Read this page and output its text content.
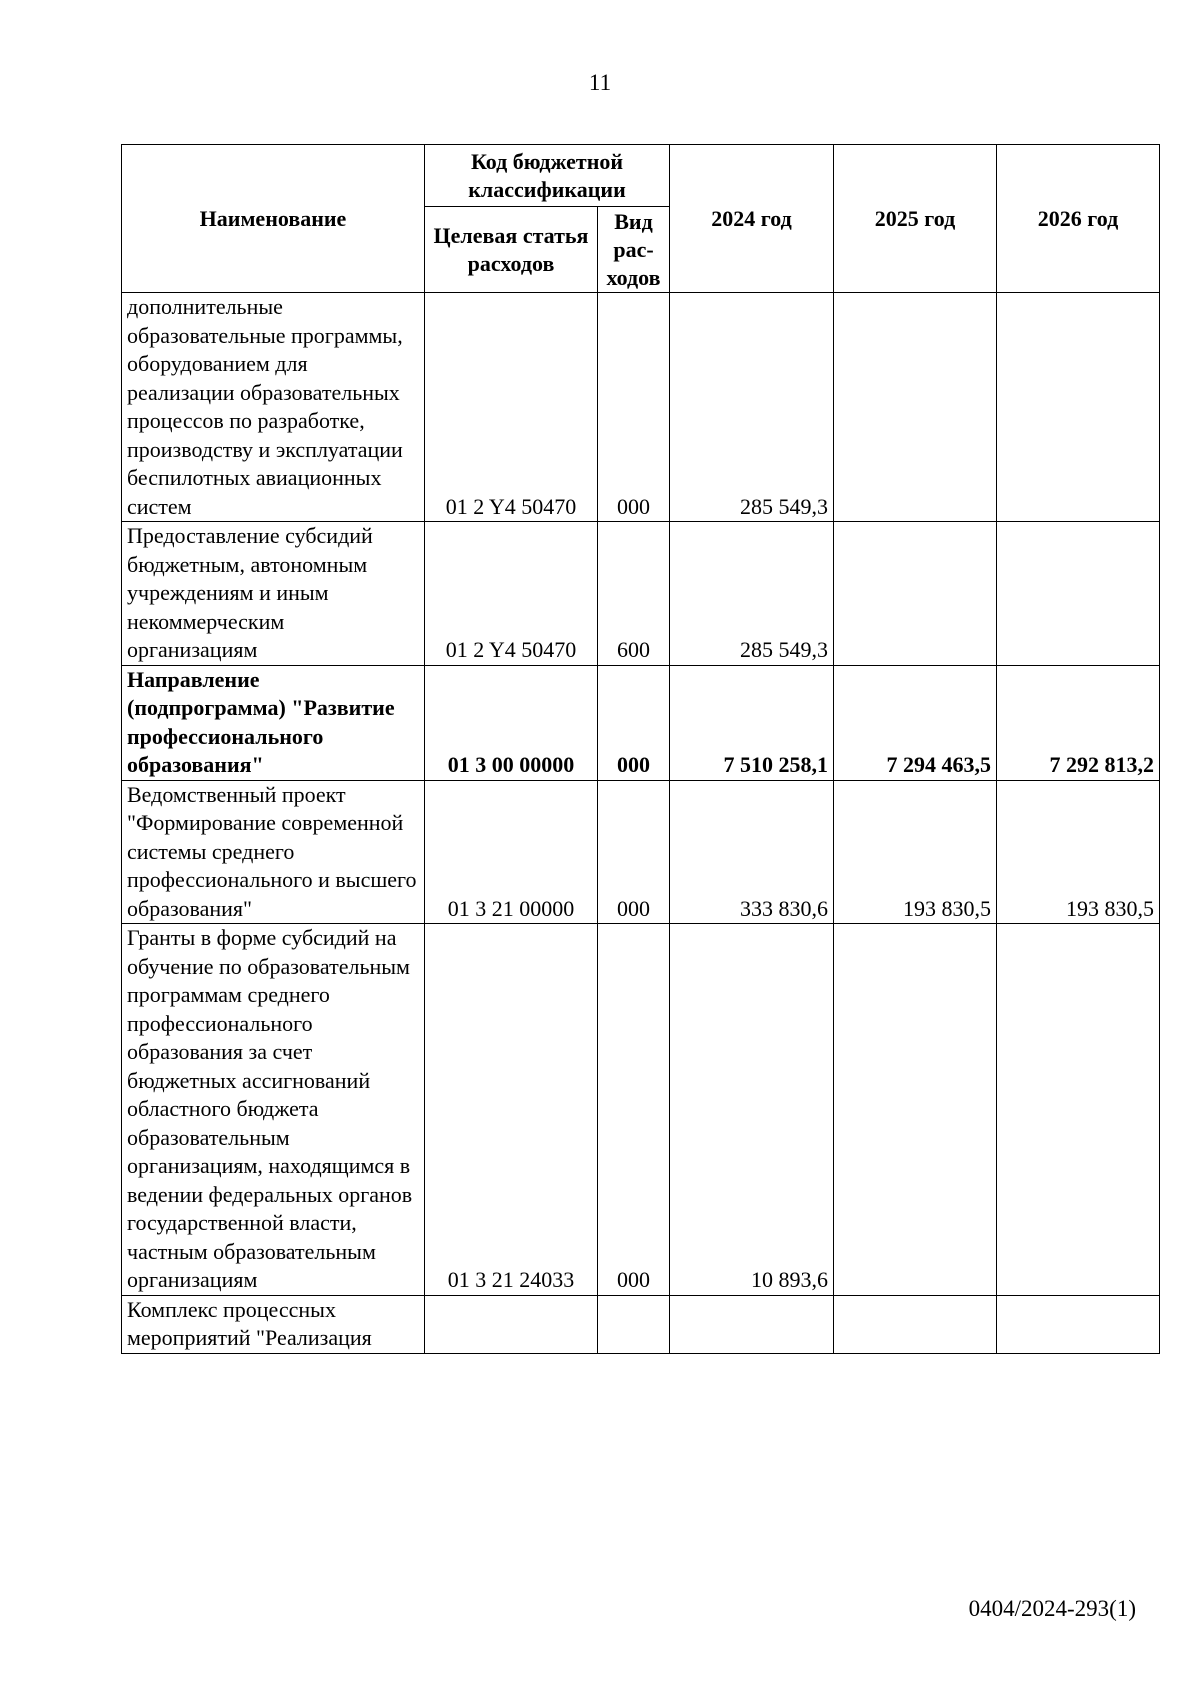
11
Наименование	Код бюджетной классификации		2024 год	2025 год	2026 год
	Целевая статья расходов	Вид рас-ходов			
дополнительные образовательные программы, оборудованием для реализации образовательных процессов по разработке, производству и эксплуатации беспилотных авиационных систем	01 2 Y4 50470	000	285 549,3		
Предоставление субсидий бюджетным, автономным учреждениям и иным некоммерческим организациям	01 2 Y4 50470	600	285 549,3		
Направление (подпрограмма) "Развитие профессионального образования"	01 3 00 00000	000	7 510 258,1	7 294 463,5	7 292 813,2
Ведомственный проект "Формирование современной системы среднего профессионального и высшего образования"	01 3 21 00000	000	333 830,6	193 830,5	193 830,5
Гранты в форме субсидий на обучение по образовательным программам среднего профессионального образования за счет бюджетных ассигнований областного бюджета образовательным организациям, находящимся в ведении федеральных органов государственной власти, частным образовательным организациям	01 3 21 24033	000	10 893,6		
Комплекс процессных мероприятий "Реализация					
0404/2024-293(1)
